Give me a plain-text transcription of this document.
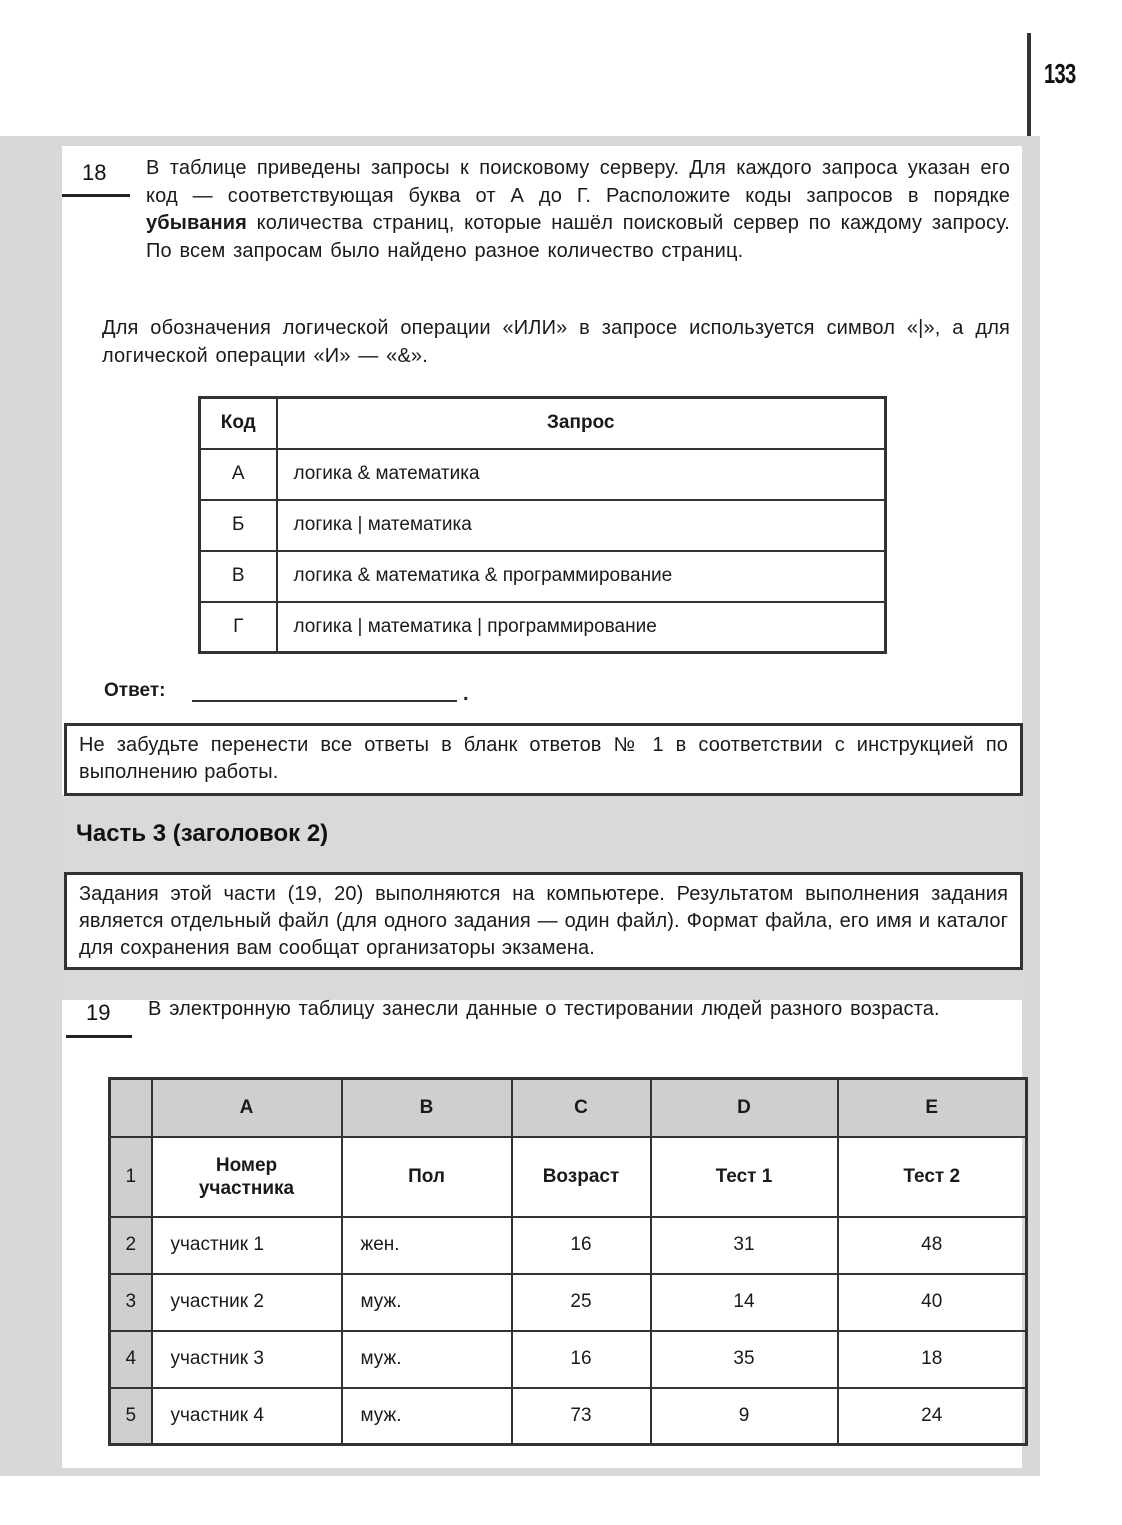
133
18 В таблице приведены запросы к поисковому серверу. Для каждого запроса указан его код — соответствующая буква от А до Г. Расположите коды запросов в порядке убывания количества страниц, которые нашёл поисковый сервер по каждому запросу. По всем запросам было найдено разное количество страниц.
Для обозначения логической операции «ИЛИ» в запросе используется символ «|», а для логической операции «И» — «&».
Код	Запрос
А	логика & математика
Б	логика | математика
В	логика & математика & программирование
Г	логика | математика | программирование
Ответ:	.
Не забудьте перенести все ответы в бланк ответов № 1 в соответствии с инструкцией по выполнению работы.
Часть 3 (заголовок 2)
Задания этой части (19, 20) выполняются на компьютере. Результатом выполнения задания является отдельный файл (для одного задания — один файл). Формат файла, его имя и каталог для сохранения вам сообщат организаторы экзамена.
19 В электронную таблицу занесли данные о тестировании людей разного возраста.
	A	B	C	D	E
1	Номер участника	Пол	Возраст	Тест 1	Тест 2
2	участник 1	жен.	16	31	48
3	участник 2	муж.	25	14	40
4	участник 3	муж.	16	35	18
5	участник 4	муж.	73	9	24
